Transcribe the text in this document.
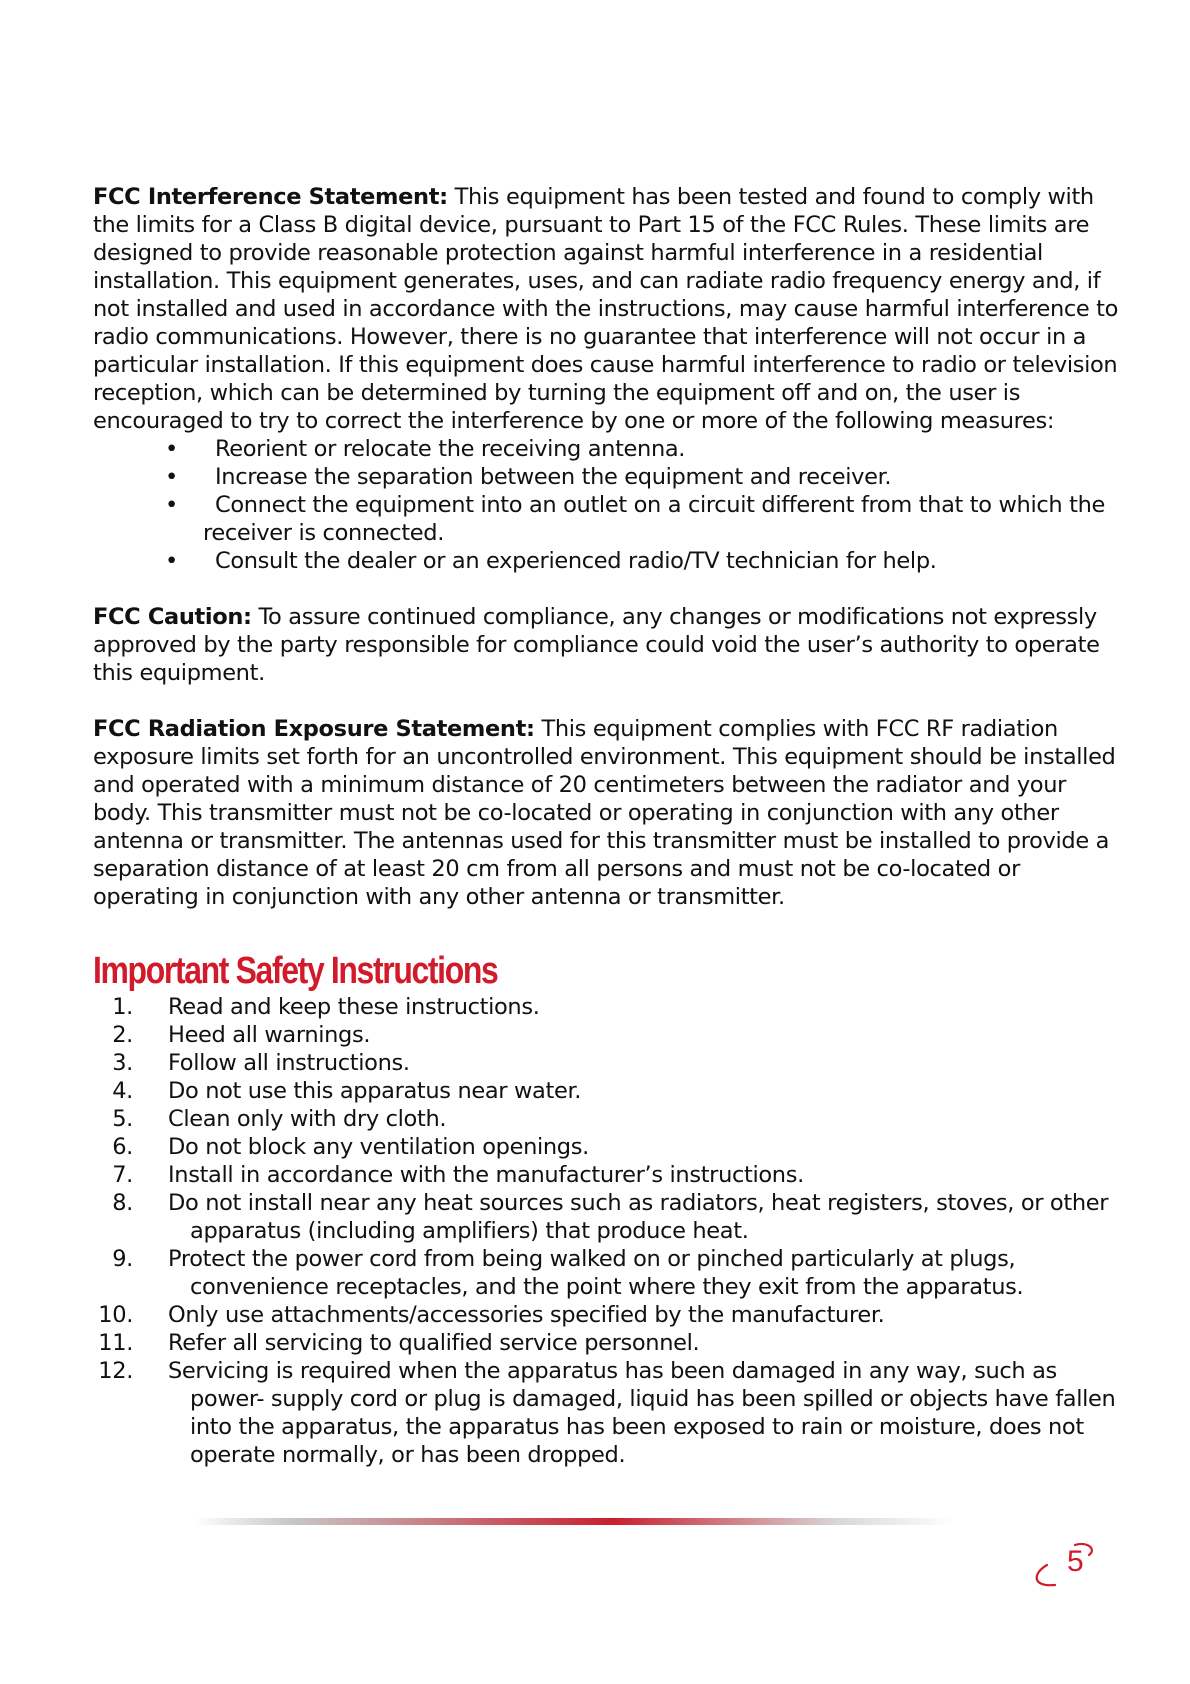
FCC Interference Statement: This equipment has been tested and found to comply with the limits for a Class B digital device, pursuant to Part 15 of the FCC Rules. These limits are designed to provide reasonable protection against harmful interference in a residential installation. This equipment generates, uses, and can radiate radio frequency energy and, if not installed and used in accordance with the instructions, may cause harmful interference to radio communications. However, there is no guarantee that interference will not occur in a particular installation. If this equipment does cause harmful interference to radio or television reception, which can be determined by turning the equipment off and on, the user is encouraged to try to correct the interference by one or more of the following measures:

• Reorient or relocate the receiving antenna.
• Increase the separation between the equipment and receiver.
• Connect the equipment into an outlet on a circuit different from that to which the receiver is connected.
• Consult the dealer or an experienced radio/TV technician for help.

FCC Caution: To assure continued compliance, any changes or modifications not expressly approved by the party responsible for compliance could void the user’s authority to operate this equipment.

FCC Radiation Exposure Statement: This equipment complies with FCC RF radiation exposure limits set forth for an uncontrolled environment. This equipment should be installed and operated with a minimum distance of 20 centimeters between the radiator and your body. This transmitter must not be co-located or operating in conjunction with any other antenna or transmitter. The antennas used for this transmitter must be installed to provide a separation distance of at least 20 cm from all persons and must not be co-located or operating in conjunction with any other antenna or transmitter.

Important Safety Instructions
1. Read and keep these instructions.
2. Heed all warnings.
3. Follow all instructions.
4. Do not use this apparatus near water.
5. Clean only with dry cloth.
6. Do not block any ventilation openings.
7. Install in accordance with the manufacturer’s instructions.
8. Do not install near any heat sources such as radiators, heat registers, stoves, or other
apparatus (including amplifiers) that produce heat.
9. Protect the power cord from being walked on or pinched particularly at plugs,
convenience receptacles, and the point where they exit from the apparatus.
10. Only use attachments/accessories specified by the manufacturer.
11. Refer all servicing to qualified service personnel.
12. Servicing is required when the apparatus has been damaged in any way, such as
power- supply cord or plug is damaged, liquid has been spilled or objects have fallen into the apparatus, the apparatus has been exposed to rain or moisture, does not operate normally, or has been dropped.
5
